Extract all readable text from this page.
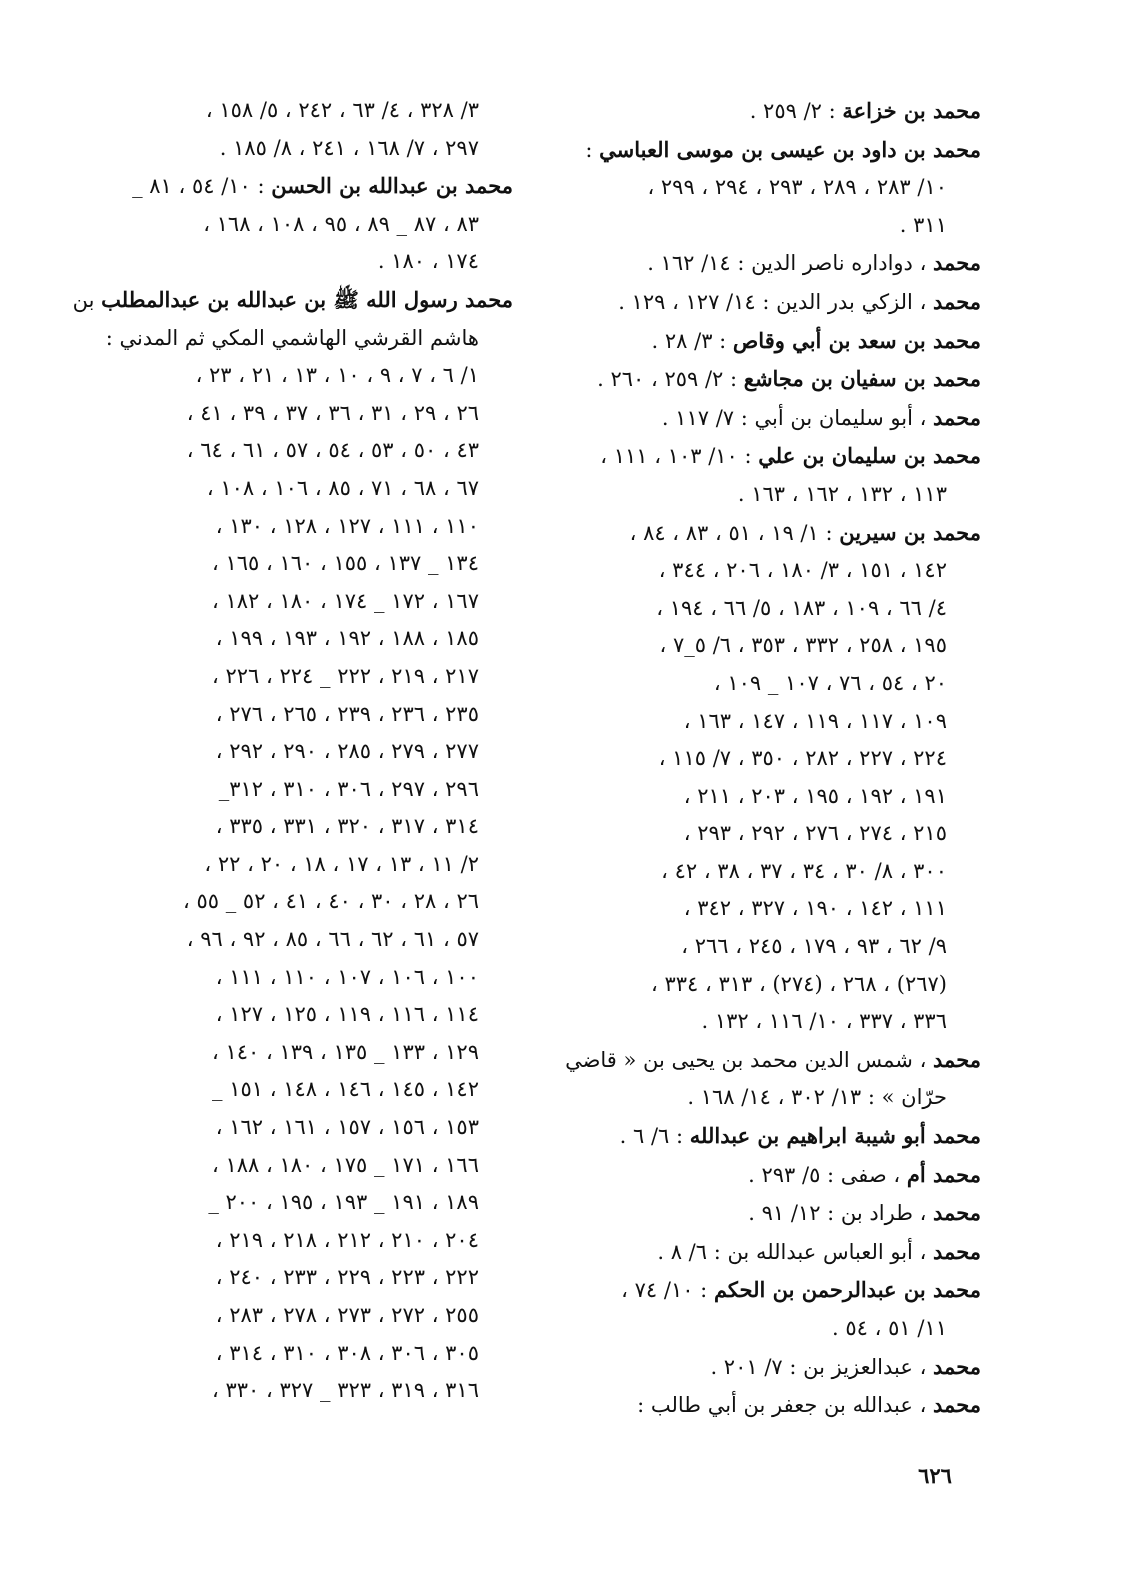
محمد بن خزاعة : ٢/ ٢٥٩ .
محمد بن داود بن عيسى بن موسى العباسي :
١٠/ ٢٨٣ ، ٢٨٩ ، ٢٩٣ ، ٢٩٤ ، ٢٩٩ ،
٣١١ .
محمد ، دواداره ناصر الدين : ١٤/ ١٦٢ .
محمد ، الزكي بدر الدين : ١٤/ ١٢٧ ، ١٢٩ .
محمد بن سعد بن أبي وقاص : ٣/ ٢٨ .
محمد بن سفيان بن مجاشع : ٢/ ٢٥٩ ، ٢٦٠ .
محمد ، أبو سليمان بن أبي : ٧/ ١١٧ .
محمد بن سليمان بن علي : ١٠/ ١٠٣ ، ١١١ ،
١١٣ ، ١٣٢ ، ١٦٢ ، ١٦٣ .
محمد بن سيرين : ١/ ١٩ ، ٥١ ، ٨٣ ، ٨٤ ،
١٤٢ ، ١٥١ ، ٣/ ١٨٠ ، ٢٠٦ ، ٣٤٤ ،
٤/ ٦٦ ، ١٠٩ ، ١٨٣ ، ٥/ ٦٦ ، ١٩٤ ،
١٩٥ ، ٢٥٨ ، ٣٣٢ ، ٣٥٣ ، ٦/ ٥_٧ ،
٢٠ ، ٥٤ ، ٧٦ ، ١٠٧ _ ١٠٩ ،
١٠٩ ، ١١٧ ، ١١٩ ، ١٤٧ ، ١٦٣ ،
٢٢٤ ، ٢٢٧ ، ٢٨٢ ، ٣٥٠ ، ٧/ ١١٥ ،
١٩١ ، ١٩٢ ، ١٩٥ ، ٢٠٣ ، ٢١١ ،
٢١٥ ، ٢٧٤ ، ٢٧٦ ، ٢٩٢ ، ٢٩٣ ،
٣٠٠ ، ٨/ ٣٠ ، ٣٤ ، ٣٧ ، ٣٨ ، ٤٢ ،
١١١ ، ١٤٢ ، ١٩٠ ، ٣٢٧ ، ٣٤٢ ،
٩/ ٦٢ ، ٩٣ ، ١٧٩ ، ٢٤٥ ، ٢٦٦ ،
(٢٦٧) ، ٢٦٨ ، (٢٧٤) ، ٣١٣ ، ٣٣٤ ،
٣٣٦ ، ٣٣٧ ، ١٠/ ١١٦ ، ١٣٢ .
محمد ، شمس الدين محمد بن يحيى بن « قاضي
حرّان » : ١٣/ ٣٠٢ ، ١٤/ ١٦٨ .
محمد أبو شيبة ابراهيم بن عبدالله : ٦/ ٦ .
محمد أم ، صفى : ٥/ ٢٩٣ .
محمد ، طراد بن : ١٢/ ٩١ .
محمد ، أبو العباس عبدالله بن : ٦/ ٨ .
محمد بن عبدالرحمن بن الحكم : ١٠/ ٧٤ ،
١١/ ٥١ ، ٥٤ .
محمد ، عبدالعزيز بن : ٧/ ٢٠١ .
محمد ، عبدالله بن جعفر بن أبي طالب :
٣/ ٣٢٨ ، ٤/ ٦٣ ، ٢٤٢ ، ٥/ ١٥٨ ،
٢٩٧ ، ٧/ ١٦٨ ، ٢٤١ ، ٨/ ١٨٥ .
محمد بن عبدالله بن الحسن : ١٠/ ٥٤ ، ٨١ _
٨٣ ، ٨٧ _ ٨٩ ، ٩٥ ، ١٠٨ ، ١٦٨ ،
١٧٤ ، ١٨٠ .
محمد رسول الله ﷺ بن عبدالله بن عبدالمطلب بن
هاشم القرشي الهاشمي المكي ثم المدني :
١/ ٦ ، ٧ ، ٩ ، ١٠ ، ١٣ ، ٢١ ، ٢٣ ،
٢٦ ، ٢٩ ، ٣١ ، ٣٦ ، ٣٧ ، ٣٩ ، ٤١ ،
٤٣ ، ٥٠ ، ٥٣ ، ٥٤ ، ٥٧ ، ٦١ ، ٦٤ ،
٦٧ ، ٦٨ ، ٧١ ، ٨٥ ، ١٠٦ ، ١٠٨ ،
١١٠ ، ١١١ ، ١٢٧ ، ١٢٨ ، ١٣٠ ،
١٣٤ _ ١٣٧ ، ١٥٥ ، ١٦٠ ، ١٦٥ ،
١٦٧ ، ١٧٢ _ ١٧٤ ، ١٨٠ ، ١٨٢ ،
١٨٥ ، ١٨٨ ، ١٩٢ ، ١٩٣ ، ١٩٩ ،
٢١٧ ، ٢١٩ ، ٢٢٢ _ ٢٢٤ ، ٢٢٦ ،
٢٣٥ ، ٢٣٦ ، ٢٣٩ ، ٢٦٥ ، ٢٧٦ ،
٢٧٧ ، ٢٧٩ ، ٢٨٥ ، ٢٩٠ ، ٢٩٢ ،
٢٩٦ ، ٢٩٧ ، ٣٠٦ ، ٣١٠ ، ٣١٢_
٣١٤ ، ٣١٧ ، ٣٢٠ ، ٣٣١ ، ٣٣٥ ،
٢/ ١١ ، ١٣ ، ١٧ ، ١٨ ، ٢٠ ، ٢٢ ،
٢٦ ، ٢٨ ، ٣٠ ، ٤٠ ، ٤١ ، ٥٢ _ ٥٥ ،
٥٧ ، ٦١ ، ٦٢ ، ٦٦ ، ٨٥ ، ٩٢ ، ٩٦ ،
١٠٠ ، ١٠٦ ، ١٠٧ ، ١١٠ ، ١١١ ،
١١٤ ، ١١٦ ، ١١٩ ، ١٢٥ ، ١٢٧ ،
١٢٩ ، ١٣٣ _ ١٣٥ ، ١٣٩ ، ١٤٠ ،
١٤٢ ، ١٤٥ ، ١٤٦ ، ١٤٨ ، ١٥١ _
١٥٣ ، ١٥٦ ، ١٥٧ ، ١٦١ ، ١٦٢ ،
١٦٦ ، ١٧١ _ ١٧٥ ، ١٨٠ ، ١٨٨ ،
١٨٩ ، ١٩١ _ ١٩٣ ، ١٩٥ ، ٢٠٠ _
٢٠٤ ، ٢١٠ ، ٢١٢ ، ٢١٨ ، ٢١٩ ،
٢٢٢ ، ٢٢٣ ، ٢٢٩ ، ٢٣٣ ، ٢٤٠ ،
٢٥٥ ، ٢٧٢ ، ٢٧٣ ، ٢٧٨ ، ٢٨٣ ،
٣٠٥ ، ٣٠٦ ، ٣٠٨ ، ٣١٠ ، ٣١٤ ،
٣١٦ ، ٣١٩ ، ٣٢٣ _ ٣٢٧ ، ٣٣٠ ،
٦٢٦
